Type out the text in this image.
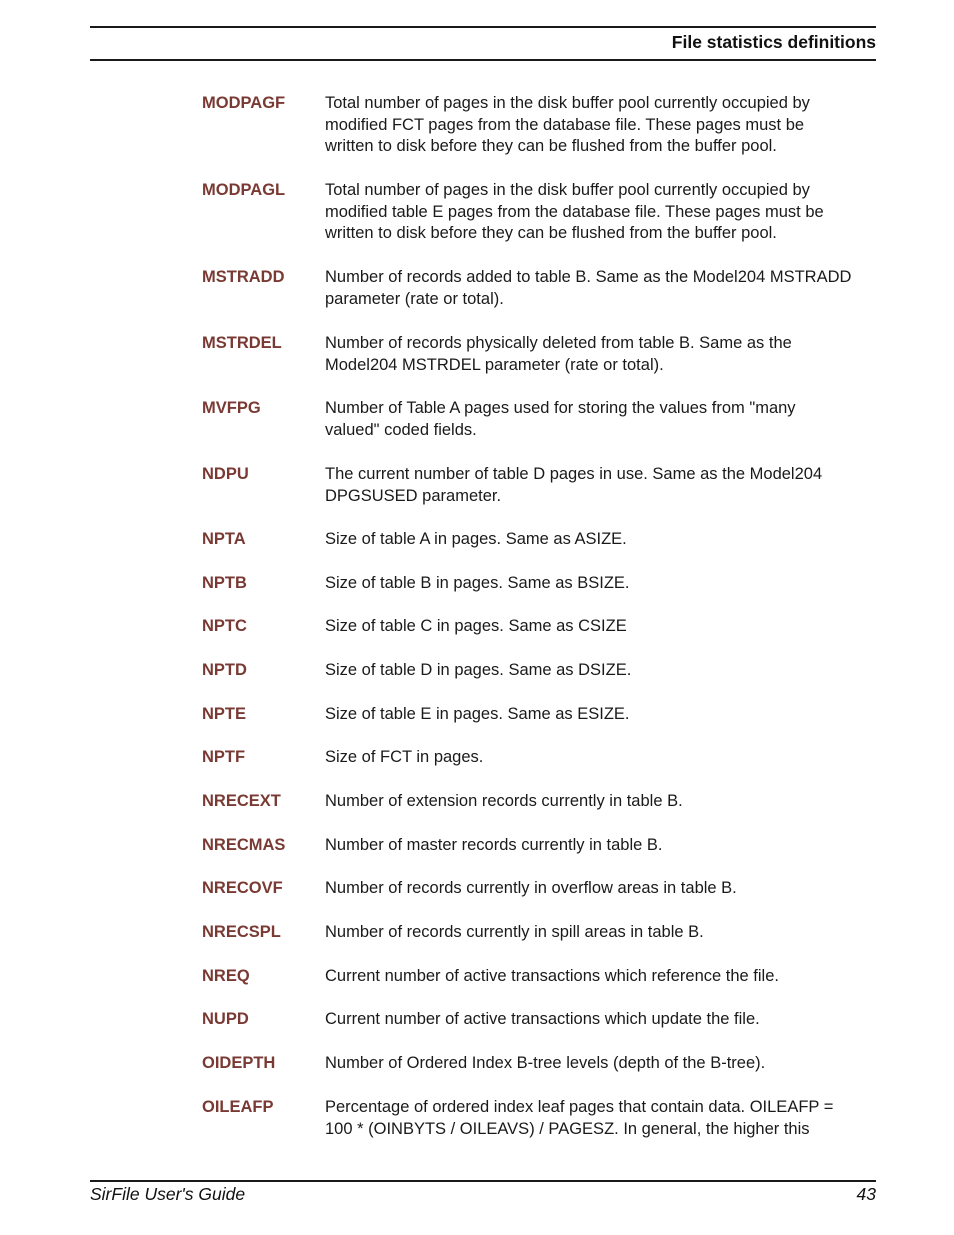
File statistics definitions
MODPAGF Total number of pages in the disk buffer pool currently occupied by
modified FCT pages from the database file. These pages must be
written to disk before they can be flushed from the buffer pool.
MODPAGL Total number of pages in the disk buffer pool currently occupied by
modified table E pages from the database file. These pages must be
written to disk before they can be flushed from the buffer pool.
MSTRADD Number of records added to table B. Same as the Model204 MSTRADD
parameter (rate or total).
MSTRDEL	Number of records physically deleted from table B. Same as the
Model204 MSTRDEL parameter (rate or total).
MVFPG	Number of Table A pages used for storing the values from "many
valued" coded fields.
NDPU	The current number of table D pages in use. Same as the Model204
DPGSUSED parameter.
NPTA	Size of table A in pages. Same as ASIZE.
NPTB	Size of table B in pages. Same as BSIZE.
NPTC	Size of table C in pages. Same as CSIZE
NPTD	Size of table D in pages. Same as DSIZE.
NPTE	Size of table E in pages. Same as ESIZE.
NPTF	Size of FCT in pages.
NRECEXT	Number of extension records currently in table B.
NRECMAS Number of master records currently in table B.
NRECOVF	Number of records currently in overflow areas in table B.
NRECSPL	Number of records currently in spill areas in table B.
NREQ	Current number of active transactions which reference the file.
NUPD	Current number of active transactions which update the file.
OIDEPTH	Number of Ordered Index B-tree levels (depth of the B-tree).
OILEAFP	Percentage of ordered index leaf pages that contain data. OILEAFP =
100 * (OINBYTS / OILEAVS) / PAGESZ. In general, the higher this
SirFile User's Guide	43
